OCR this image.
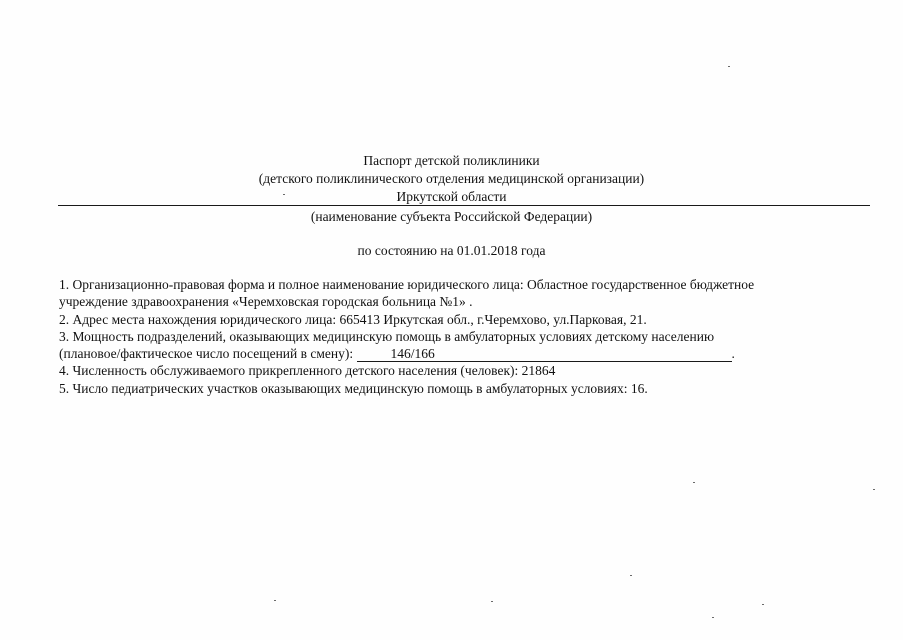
Паспорт детской поликлиники
(детского поликлинического отделения медицинской организации)
Иркутской области
(наименование субъекта Российской Федерации)
по состоянию на 01.01.2018 года
1. Организационно-правовая форма и полное наименование юридического лица: Областное государственное бюджетное
учреждение здравоохранения «Черемховская городская больница №1» .
2. Адрес места нахождения юридического лица: 665413 Иркутская обл., г.Черемхово, ул.Парковая, 21.
3. Мощность подразделений, оказывающих медицинскую помощь в амбулаторных условиях детскому населению
(плановое/фактическое число посещений в смену):	146/166	.
4. Численность обслуживаемого прикрепленного детского населения (человек): 21864
5. Число педиатрических участков оказывающих медицинскую помощь в амбулаторных условиях: 16.
